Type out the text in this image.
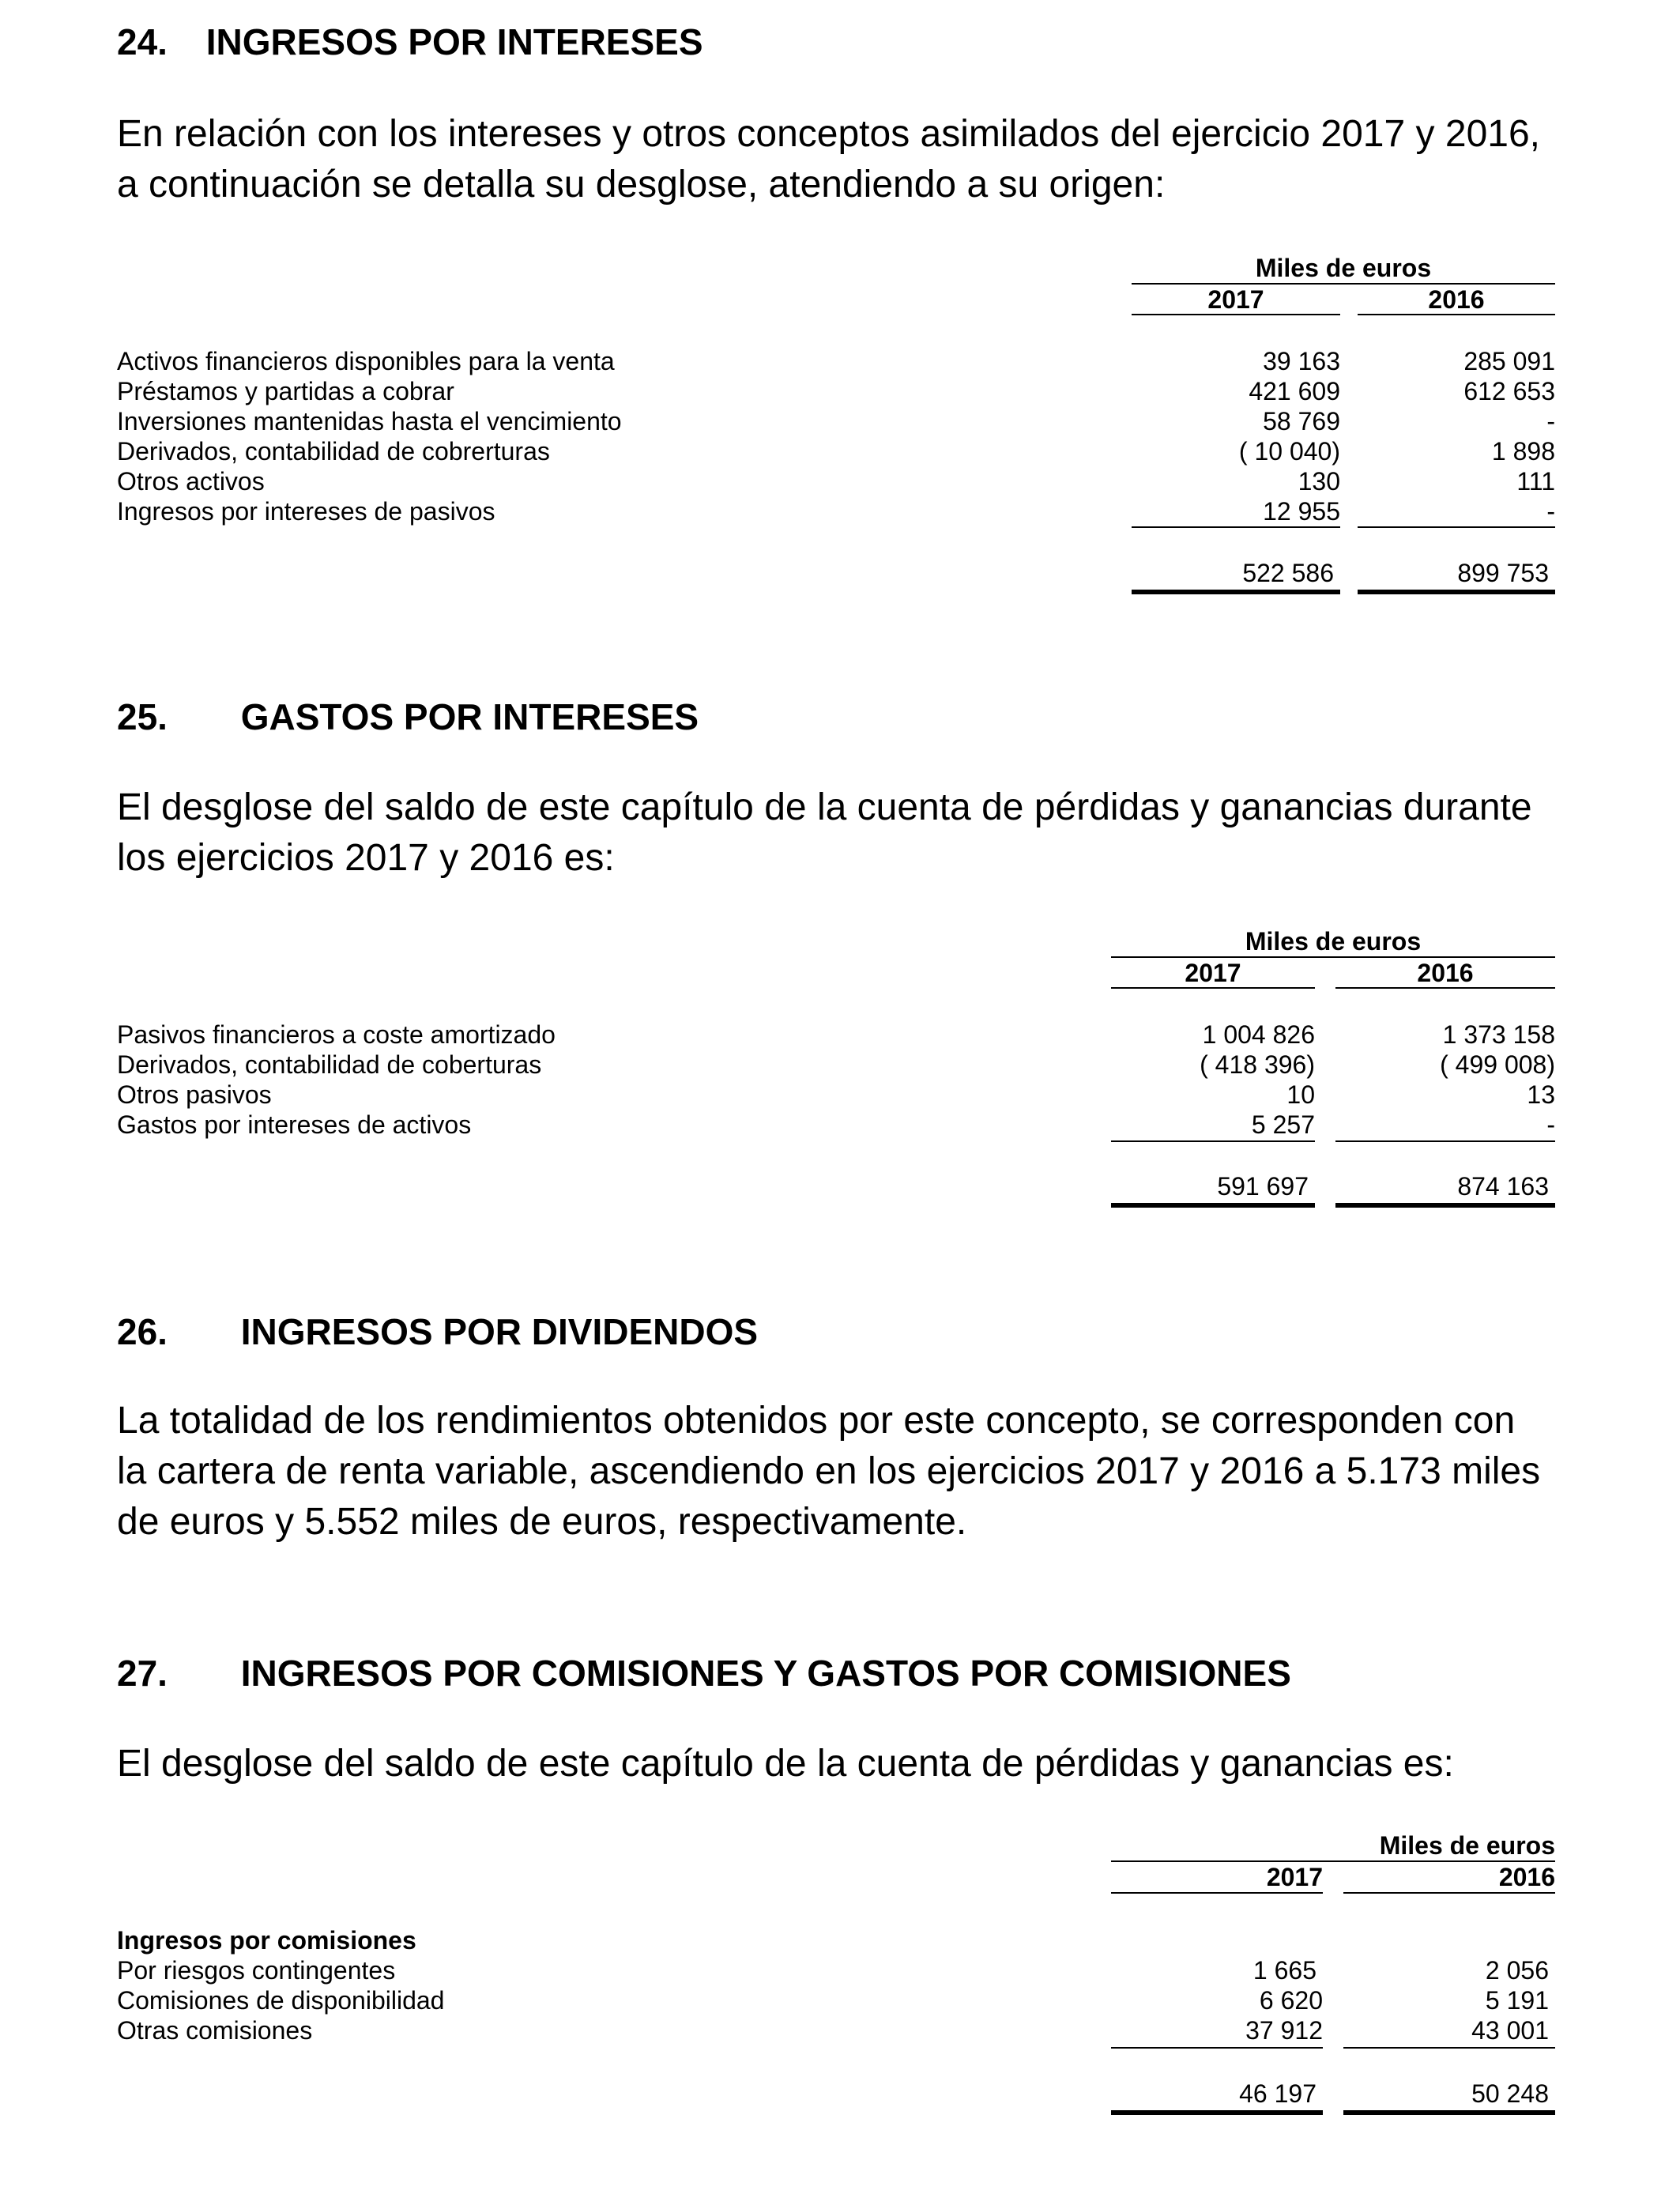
24. INGRESOS POR INTERESES
En relación con los intereses y otros conceptos asimilados del ejercicio 2017 y 2016,
a continuación se detalla su desglose, atendiendo a su origen:
Miles de euros
2017	2016
Activos financieros disponibles para la venta	39 163	285 091
Préstamos y partidas a cobrar	421 609	612 653
Inversiones mantenidas hasta el vencimiento	58 769	-
Derivados, contabilidad de cobrerturas	( 10 040)	1 898
Otros activos	130	111
Ingresos por intereses de pasivos	12 955	-
522 586	899 753
25. GASTOS POR INTERESES
El desglose del saldo de este capítulo de la cuenta de pérdidas y ganancias durante
los ejercicios 2017 y 2016 es:
Miles de euros
2017	2016
Pasivos financieros a coste amortizado	1 004 826	1 373 158
Derivados, contabilidad de coberturas	( 418 396)	( 499 008)
Otros pasivos	10	13
Gastos por intereses de activos	5 257	-
591 697	874 163
26. INGRESOS POR DIVIDENDOS
La totalidad de los rendimientos obtenidos por este concepto, se corresponden con
la cartera de renta variable, ascendiendo en los ejercicios 2017 y 2016 a 5.173 miles
de euros y 5.552 miles de euros, respectivamente.
27. INGRESOS POR COMISIONES Y GASTOS POR COMISIONES
El desglose del saldo de este capítulo de la cuenta de pérdidas y ganancias es:
Miles de euros
2017	2016
Ingresos por comisiones
Por riesgos contingentes	1 665	2 056
Comisiones de disponibilidad	6 620	5 191
Otras comisiones	37 912	43 001
46 197	50 248
